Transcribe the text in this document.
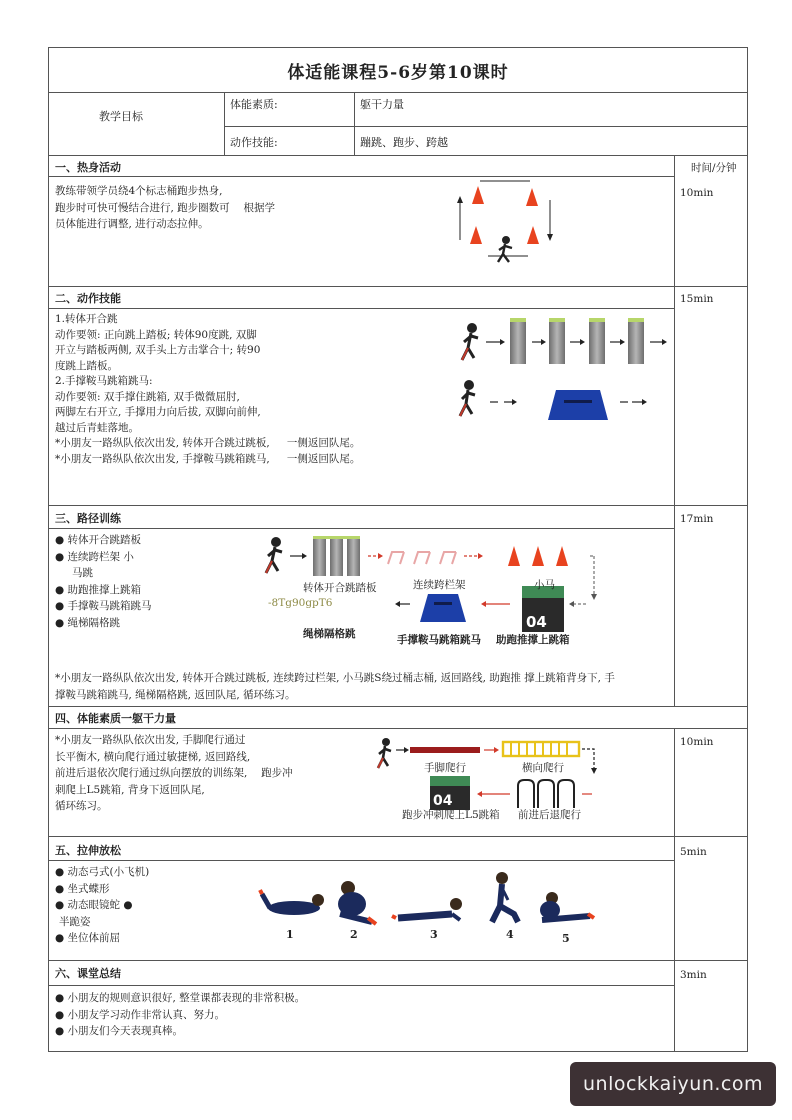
体适能课程5-6岁第10课时
教学目标
体能素质:	躯干力量
动作技能:	蹦跳、跑步、跨越
时间/分钟
一、热身活动
10min
教练带领学员绕4个标志桶跑步热身,
跑步时可快可慢结合进行, 跑步圈数可　 根据学
员体能进行调整, 进行动态拉伸。
二、动作技能	15min
1.转体开合跳
动作要领: 正向跳上踏板; 转体90度跳, 双脚
开立与踏板两侧, 双手头上方击掌合十; 转90
度跳上踏板。
2.手撑鞍马跳箱跳马:
动作要领: 双手撑住跳箱, 双手微微屈肘,
两脚左右开立, 手撑用力向后拔, 双脚向前伸,
越过后青蛙落地。
*小朋友一路纵队依次出发, 转体开合跳过跳板, 　 一侧返回队尾。
*小朋友一路纵队依次出发, 手撑鞍马跳箱跳马, 　 一侧返回队尾。
三、路径训练	17min
● 转体开合跳踏板
● 连续跨栏架 小
马跳
● 助跑推撑上跳箱
● 手撑鞍马跳箱跳马
● 绳梯隔格跳	04
转体开合跳踏板	连续跨栏架	小马
-8Tg90gpT6
绳梯隔格跳	手撑鞍马跳箱跳马 助跑推撑上跳箱
*小朋友一路纵队依次出发, 转体开合跳过跳板, 连续跨过栏架, 小马跳S绕过桶志桶, 返回路线, 助跑推 撑上跳箱背身下, 手
撑鞍马跳箱跳马, 绳梯隔格跳, 返回队尾, 循环练习。
四、体能素质一躯干力量
10min
*小朋友一路纵队依次出发, 手脚爬行通过
长平衡木, 横向爬行通过敏捷梯, 返回路线,
前进后退依次爬行通过纵向摆放的训练架, 　跑步冲
刺爬上L5跳箱, 背身下返回队尾,
循环练习。	04
手脚爬行	横向爬行
跑步冲刺爬上L5跳箱 前进后退爬行
五、拉伸放松	5min
● 动态弓式(小飞机)
● 坐式蝶形
● 动态眼镜蛇 ●
半跪姿
● 坐位体前屈	1	2	3	4	5
六、课堂总结	3min
● 小朋友的规则意识很好, 整堂课都表现的非常积极。
● 小朋友学习动作非常认真、努力。
● 小朋友们今天表现真棒。
unlockkaiyun.com
